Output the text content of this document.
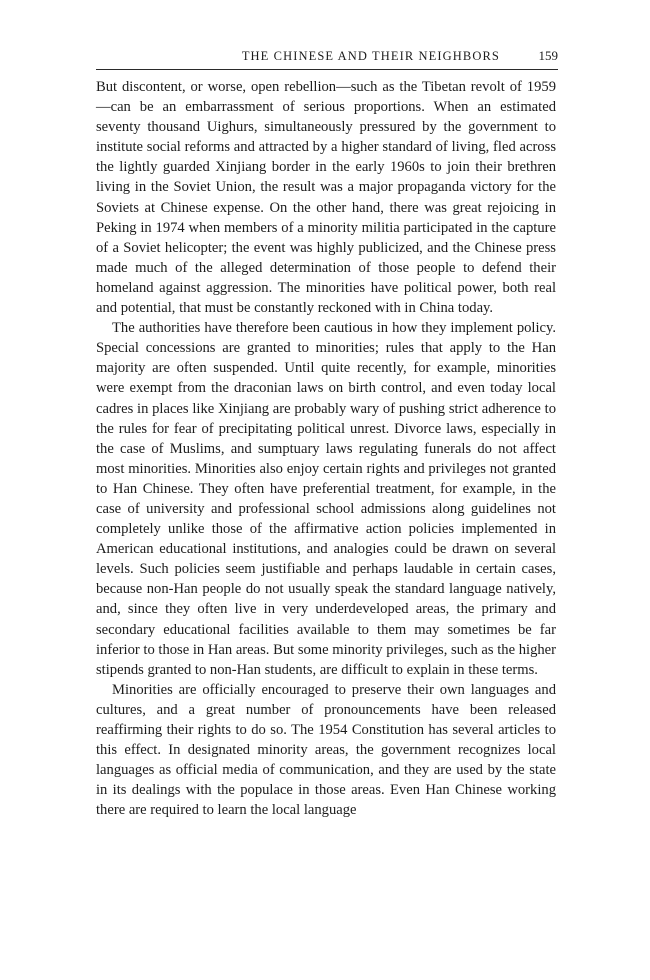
THE CHINESE AND THEIR NEIGHBORS	159

But discontent, or worse, open rebellion—such as the Tibetan revolt of 1959—can be an embarrassment of serious proportions. When an estimated seventy thousand Uighurs, simultaneously pressured by the government to institute social reforms and attracted by a higher standard of living, fled across the lightly guarded Xinjiang border in the early 1960s to join their brethren living in the Soviet Union, the result was a major propaganda victory for the Soviets at Chinese expense. On the other hand, there was great rejoicing in Peking in 1974 when members of a minority militia participated in the capture of a Soviet helicopter; the event was highly publicized, and the Chinese press made much of the alleged determination of those people to defend their homeland against aggression. The minorities have political power, both real and potential, that must be constantly reckoned with in China today.

The authorities have therefore been cautious in how they implement policy. Special concessions are granted to minorities; rules that apply to the Han majority are often suspended. Until quite recently, for example, minorities were exempt from the draconian laws on birth control, and even today local cadres in places like Xinjiang are probably wary of pushing strict adherence to the rules for fear of precipitating political unrest. Divorce laws, especially in the case of Muslims, and sumptuary laws regulating funerals do not affect most minorities. Minorities also enjoy certain rights and privileges not granted to Han Chinese. They often have preferential treatment, for example, in the case of university and professional school admissions along guidelines not completely unlike those of the affirmative action policies implemented in American educational institutions, and analogies could be drawn on several levels. Such policies seem justifiable and perhaps laudable in certain cases, because non-Han people do not usually speak the standard language natively, and, since they often live in very underdeveloped areas, the primary and secondary educational facilities available to them may sometimes be far inferior to those in Han areas. But some minority privileges, such as the higher stipends granted to non-Han students, are difficult to explain in these terms.

Minorities are officially encouraged to preserve their own languages and cultures, and a great number of pronouncements have been released reaffirming their rights to do so. The 1954 Constitution has several articles to this effect. In designated minority areas, the government recognizes local languages as official media of communication, and they are used by the state in its dealings with the populace in those areas. Even Han Chinese working there are required to learn the local language
